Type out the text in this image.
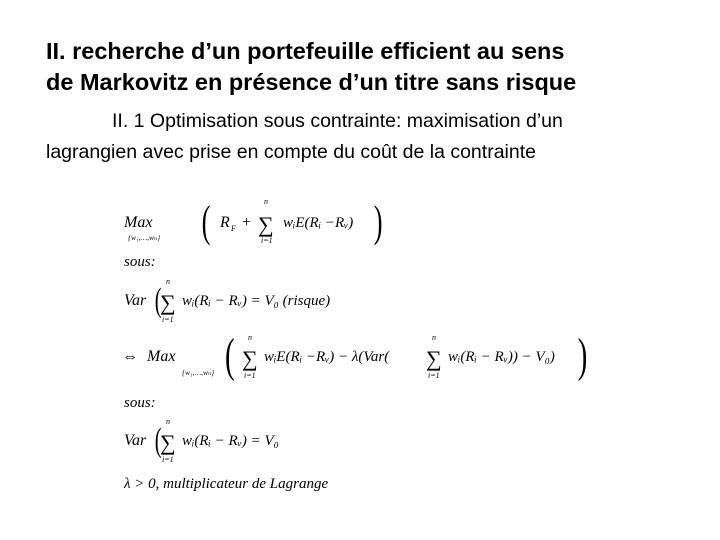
II. recherche d’un portefeuille efficient au sens
de Markovitz en présence d’un titre sans risque

II. 1 Optimisation sous contrainte: maximisation d’un
lagrangien avec prise en compte du coût de la contrainte

Max
{w₁,…,wₙ} ( R F +
n
∑
i=1
wᵢE(Rᵢ −Rᵥ) )
sous:
Var (
n
∑
i=1
wᵢ(Rᵢ − Rᵥ) = V₀ (risque)
⇔ Max
{w₁,…,wₙ} ( n
∑
i=1
wᵢE(Rᵢ −Rᵥ) − λ(Var(
n
∑
i=1
wᵢ(Rᵢ − Rᵥ)) − V₀) )
sous:
Var (
n
∑
i=1
wᵢ(Rᵢ − Rᵥ) = V₀
λ > 0, multiplicateur de Lagrange
